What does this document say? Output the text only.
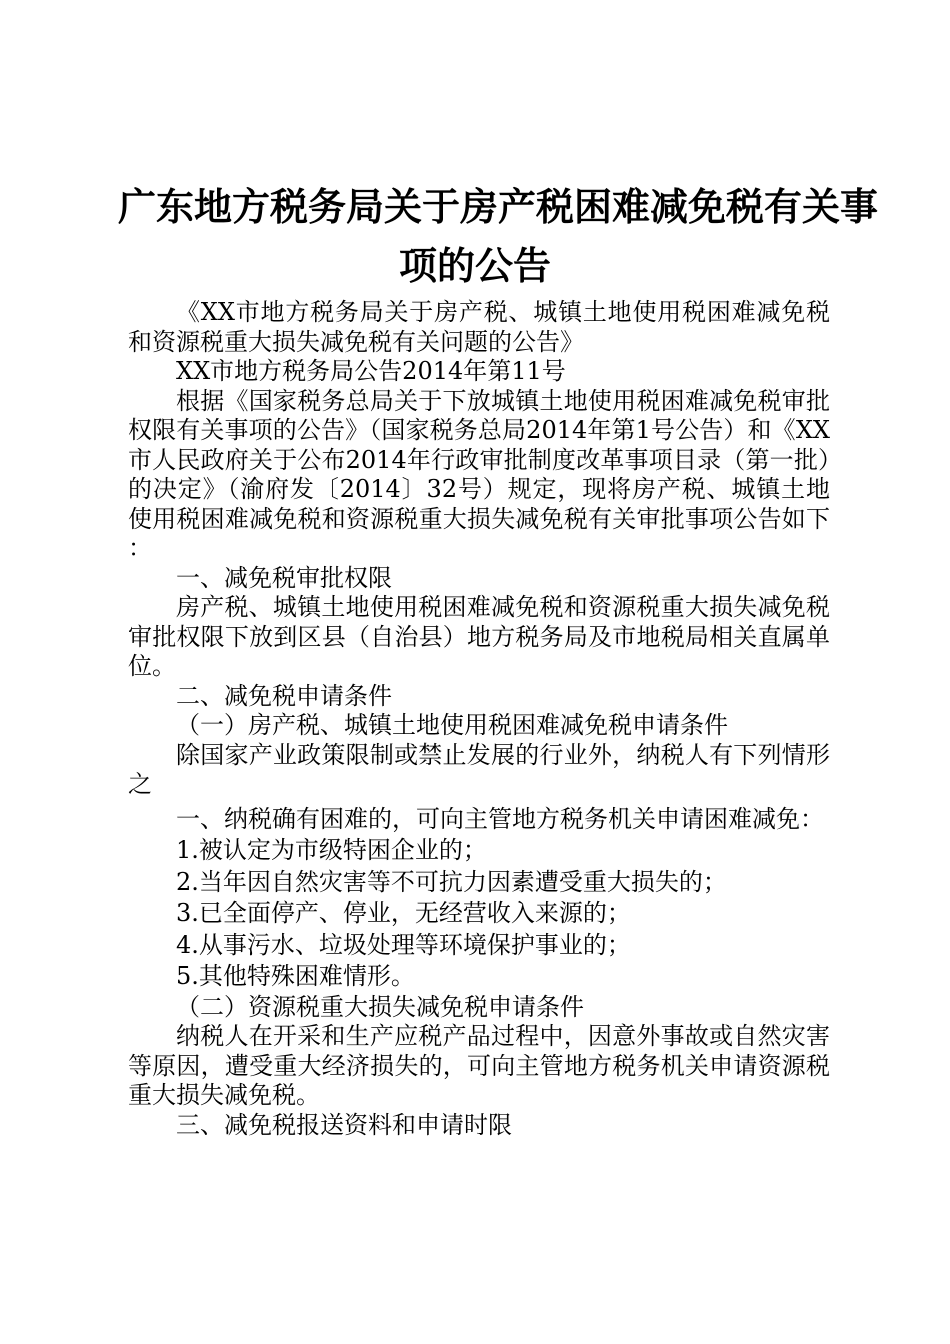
广东地方税务局关于房产税困难减免税有关事
项的公告

《XX市地方税务局关于房产税、城镇土地使用税困难减免税和资源税重大损失减免税有关问题的公告》

XX市地方税务局公告2014年第11号

根据《国家税务总局关于下放城镇土地使用税困难减免税审批权限有关事项的公告》（国家税务总局2014年第1号公告）和《XX市人民政府关于公布2014年行政审批制度改革事项目录（第一批）的决定》（渝府发〔2014〕32号）规定，现将房产税、城镇土地使用税困难减免税和资源税重大损失减免税有关审批事项公告如下：

一、减免税审批权限

房产税、城镇土地使用税困难减免税和资源税重大损失减免税审批权限下放到区县（自治县）地方税务局及市地税局相关直属单位。

二、减免税申请条件

（一）房产税、城镇土地使用税困难减免税申请条件

除国家产业政策限制或禁止发展的行业外，纳税人有下列情形之

一、纳税确有困难的，可向主管地方税务机关申请困难减免：

1.被认定为市级特困企业的；

2.当年因自然灾害等不可抗力因素遭受重大损失的；

3.已全面停产、停业，无经营收入来源的；

4.从事污水、垃圾处理等环境保护事业的；

5.其他特殊困难情形。

（二）资源税重大损失减免税申请条件

纳税人在开采和生产应税产品过程中，因意外事故或自然灾害等原因，遭受重大经济损失的，可向主管地方税务机关申请资源税重大损失减免税。

三、减免税报送资料和申请时限
